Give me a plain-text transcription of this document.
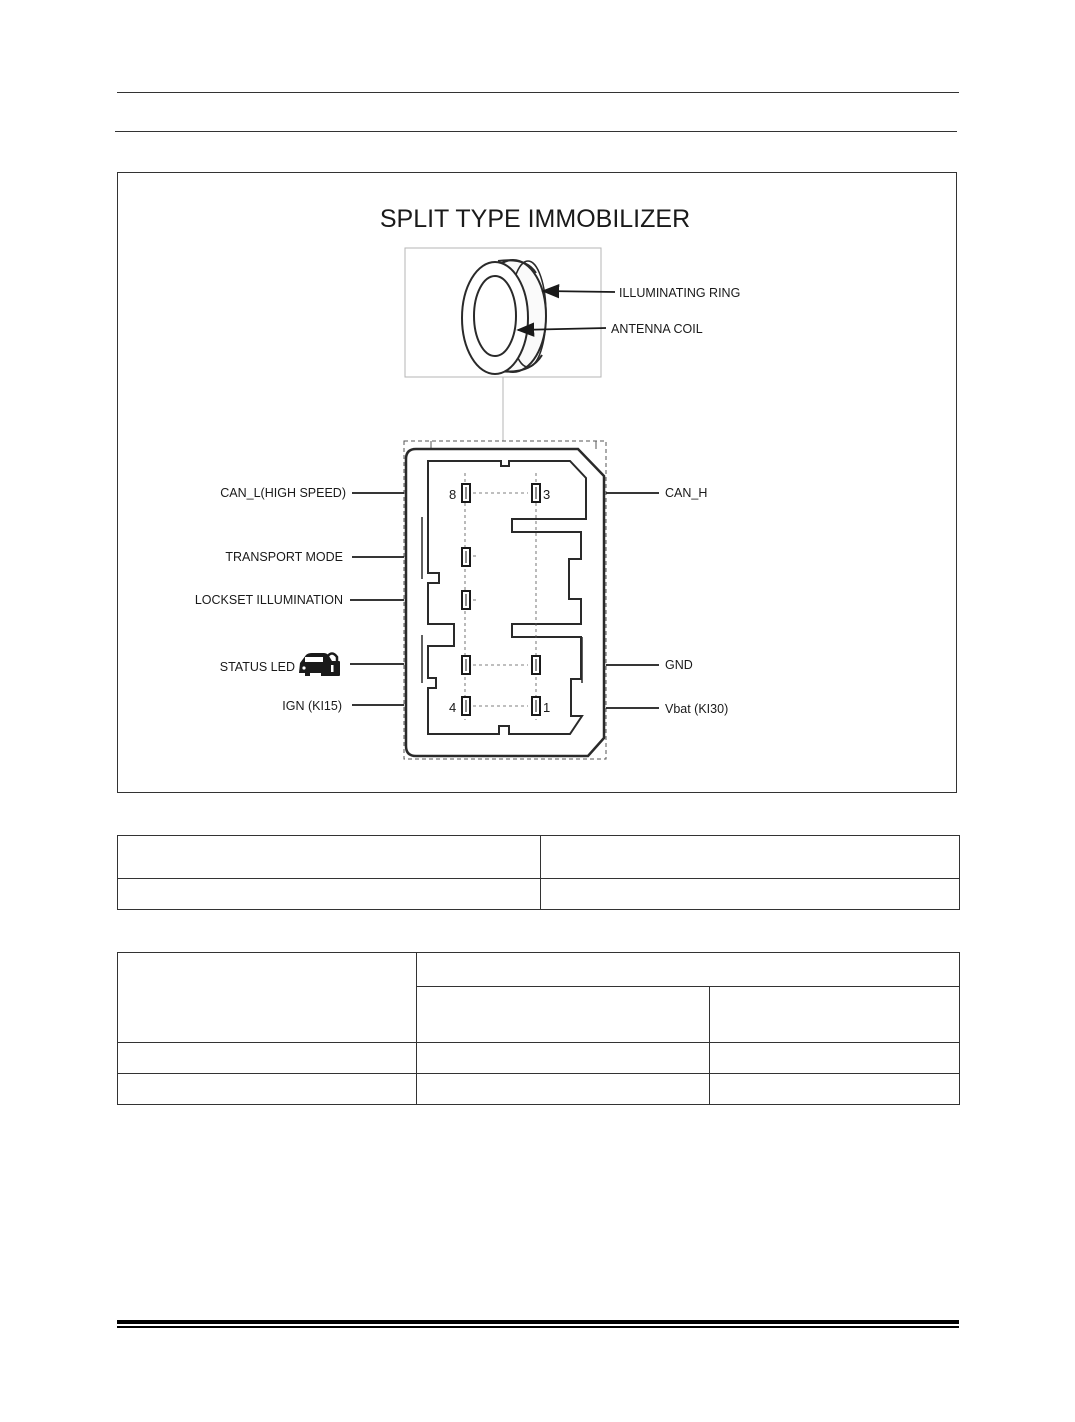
SPLIT TYPE IMMOBILIZER
ILLUMINATING RING
ANTENNA COIL
8	3
4	1
CAN_L(HIGH SPEED)
TRANSPORT MODE
LOCKSET ILLUMINATION
STATUS LED
IGN (KI15)
CAN_H
GND
Vbat (KI30)
